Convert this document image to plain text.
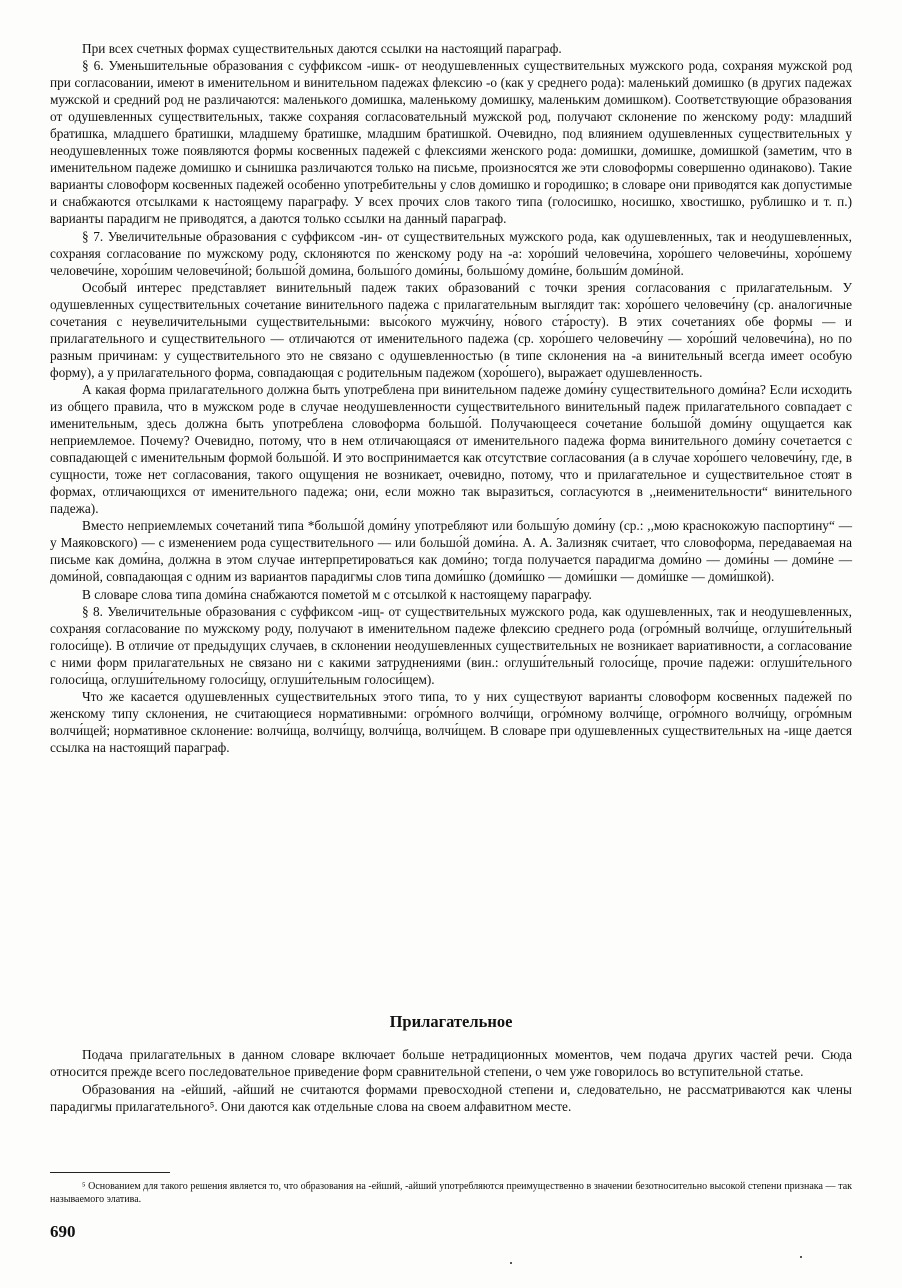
При всех счетных формах существительных даются ссылки на настоящий параграф.

§ 6. Уменьшительные образования с суффиксом -ишк- от неодушевленных существительных мужского рода, сохраняя мужской род при согласовании, имеют в именительном и винительном падежах флексию -о (как у среднего рода): маленький домишко (в других падежах мужской и средний род не различаются: маленького домишка, маленькому домишку, маленьким домишком). Соответствующие образования от одушевленных существительных, также сохраняя согласовательный мужской род, получают склонение по женскому роду: младший братишка, младшего братишки, младшему братишке, младшим братишкой. Очевидно, под влиянием одушевленных существительных у неодушевленных тоже появляются формы косвенных падежей с флексиями женского рода: домишки, домишке, домишкой (заметим, что в именительном падеже домишко и сынишка различаются только на письме, произносятся же эти словоформы совершенно одинаково). Такие варианты словоформ косвенных падежей особенно употребительны у слов домишко и городишко; в словаре они приводятся как допустимые и снабжаются отсылками к настоящему параграфу. У всех прочих слов такого типа (голосишко, носишко, хвостишко, рублишко и т. п.) варианты парадигм не приводятся, а даются только ссылки на данный параграф.

§ 7. Увеличительные образования с суффиксом -ин- от существительных мужского рода, как одушевленных, так и неодушевленных, сохраняя согласование по мужскому роду, склоняются по женскому роду на -а: хоро́ший человечи́на, хоро́шего человечи́ны, хоро́шему человечи́не, хоро́шим человечи́ной; большо́й домина, большо́го доми́ны, большо́му доми́не, больши́м доми́ной.

Особый интерес представляет винительный падеж таких образований с точки зрения согласования с прилагательным. У одушевленных существительных сочетание винительного падежа с прилагательным выглядит так: хоро́шего человечи́ну (ср. аналогичные сочетания с неувеличительными существительными: высо́кого мужчи́ну, но́вого ста́росту). В этих сочетаниях обе формы — и прилагательного и существительного — отличаются от именительного падежа (ср. хоро́шего человечи́ну — хоро́ший человечи́на), но по разным причинам: у существительного это не связано с одушевленностью (в типе склонения на -а винительный всегда имеет особую форму), а у прилагательного форма, совпадающая с родительным падежом (хоро́шего), выражает одушевленность.

А какая форма прилагательного должна быть употреблена при винительном падеже доми́ну существительного доми́на? Если исходить из общего правила, что в мужском роде в случае неодушевленности существительного винительный падеж прилагательного совпадает с именительным, здесь должна быть употреблена словоформа большо́й. Получающееся сочетание большо́й доми́ну ощущается как неприемлемое. Почему? Очевидно, потому, что в нем отличающаяся от именительного падежа форма винительного доми́ну сочетается с совпадающей с именительным формой большо́й. И это воспринимается как отсутствие согласования (а в случае хоро́шего человечи́ну, где, в сущности, тоже нет согласования, такого ощущения не возникает, очевидно, потому, что и прилагательное и существительное стоят в формах, отличающихся от именительного падежа; они, если можно так выразиться, согласуются в ,,неименительности“ винительного падежа).

Вместо неприемлемых сочетаний типа *большо́й доми́ну употребляют или большу́ю доми́ну (ср.: ,,мою краснокожую паспортину“ — у Маяковского) — с изменением рода существительного — или большо́й доми́на. А. А. Зализняк считает, что словоформа, передаваемая на письме как доми́на, должна в этом случае интерпретироваться как доми́но; тогда получается парадигма доми́но — доми́ны — доми́не — доми́ной, совпадающая с одним из вариантов парадигмы слов типа доми́шко (доми́шко — доми́шки — доми́шке — доми́шкой).

В словаре слова типа доми́на снабжаются пометой м с отсылкой к настоящему параграфу.

§ 8. Увеличительные образования с суффиксом -ищ- от существительных мужского рода, как одушевленных, так и неодушевленных, сохраняя согласование по мужскому роду, получают в именительном падеже флексию среднего рода (огро́мный волчи́ще, оглуши́тельный голоси́ще). В отличие от предыдущих случаев, в склонении неодушевленных существительных не возникает вариативности, а согласование с ними форм прилагательных не связано ни с какими затруднениями (вин.: оглуши́тельный голоси́ще, прочие падежи: оглуши́тельного голоси́ща, оглуши́тельному голоси́щу, оглуши́тельным голоси́щем).

Что же касается одушевленных существительных этого типа, то у них существуют варианты словоформ косвенных падежей по женскому типу склонения, не считающиеся нормативными: огро́много волчи́щи, огро́мному волчи́ще, огро́много волчи́щу, огро́мным волчи́щей; нормативное склонение: волчи́ща, волчи́щу, волчи́ща, волчи́щем. В словаре при одушевленных существительных на -ище дается ссылка на настоящий параграф.

Прилагательное

Подача прилагательных в данном словаре включает больше нетрадиционных моментов, чем подача других частей речи. Сюда относится прежде всего последовательное приведение форм сравнительной степени, о чем уже говорилось во вступительной статье.

Образования на -ейший, -айший не считаются формами превосходной степени и, следовательно, не рассматриваются как члены парадигмы прилагательного⁵. Они даются как отдельные слова на своем алфавитном месте.

⁵ Основанием для такого решения является то, что образования на -ейший, -айший употребляются преимущественно в значении безотносительно высокой степени признака — так называемого элатива.
690
